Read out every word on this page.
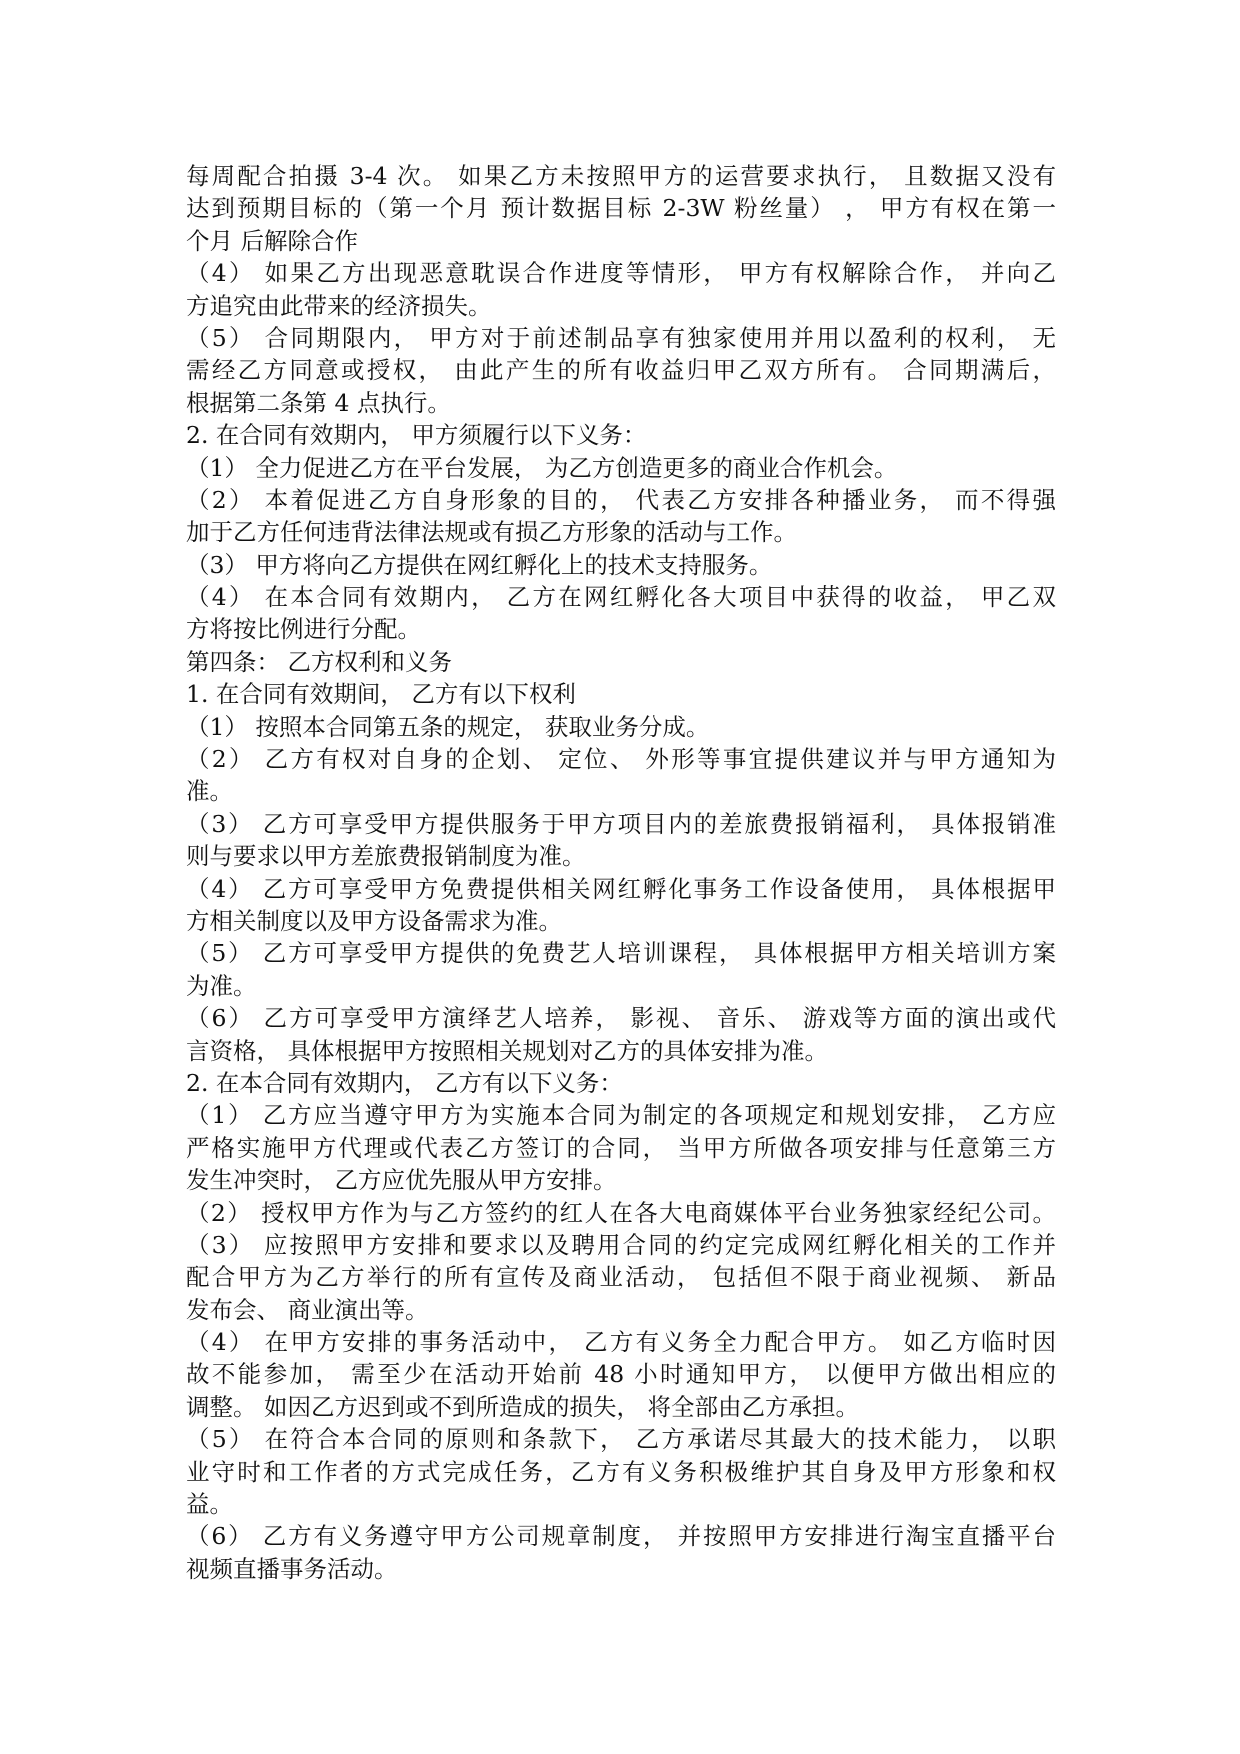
每周配合拍摄 3-4 次。 如果乙方未按照甲方的运营要求执行， 且数据又没有
达到预期目标的（第一个月 预计数据目标 2-3W 粉丝量） ， 甲方有权在第一
个月 后解除合作
（4） 如果乙方出现恶意耽误合作进度等情形， 甲方有权解除合作， 并向乙
方追究由此带来的经济损失。
（5） 合同期限内， 甲方对于前述制品享有独家使用并用以盈利的权利， 无
需经乙方同意或授权， 由此产生的所有收益归甲乙双方所有。 合同期满后，
根据第二条第 4 点执行。
2. 在合同有效期内， 甲方须履行以下义务：
（1） 全力促进乙方在平台发展， 为乙方创造更多的商业合作机会。
（2） 本着促进乙方自身形象的目的， 代表乙方安排各种播业务， 而不得强
加于乙方任何违背法律法规或有损乙方形象的活动与工作。
（3） 甲方将向乙方提供在网红孵化上的技术支持服务。
（4） 在本合同有效期内， 乙方在网红孵化各大项目中获得的收益， 甲乙双
方将按比例进行分配。
第四条： 乙方权利和义务
1. 在合同有效期间， 乙方有以下权利
（1） 按照本合同第五条的规定， 获取业务分成。
（2） 乙方有权对自身的企划、 定位、 外形等事宜提供建议并与甲方通知为
准。
（3） 乙方可享受甲方提供服务于甲方项目内的差旅费报销福利， 具体报销准
则与要求以甲方差旅费报销制度为准。
（4） 乙方可享受甲方免费提供相关网红孵化事务工作设备使用， 具体根据甲
方相关制度以及甲方设备需求为准。
（5） 乙方可享受甲方提供的免费艺人培训课程， 具体根据甲方相关培训方案
为准。
（6） 乙方可享受甲方演绎艺人培养， 影视、 音乐、 游戏等方面的演出或代
言资格， 具体根据甲方按照相关规划对乙方的具体安排为准。
2. 在本合同有效期内， 乙方有以下义务：
（1） 乙方应当遵守甲方为实施本合同为制定的各项规定和规划安排， 乙方应
严格实施甲方代理或代表乙方签订的合同， 当甲方所做各项安排与任意第三方
发生冲突时， 乙方应优先服从甲方安排。
（2） 授权甲方作为与乙方签约的红人在各大电商媒体平台业务独家经纪公司。
（3） 应按照甲方安排和要求以及聘用合同的约定完成网红孵化相关的工作并
配合甲方为乙方举行的所有宣传及商业活动， 包括但不限于商业视频、 新品
发布会、 商业演出等。
（4） 在甲方安排的事务活动中， 乙方有义务全力配合甲方。 如乙方临时因
故不能参加， 需至少在活动开始前 48 小时通知甲方， 以便甲方做出相应的
调整。 如因乙方迟到或不到所造成的损失， 将全部由乙方承担。
（5） 在符合本合同的原则和条款下， 乙方承诺尽其最大的技术能力， 以职
业守时和工作者的方式完成任务，乙方有义务积极维护其自身及甲方形象和权
益。
（6） 乙方有义务遵守甲方公司规章制度， 并按照甲方安排进行淘宝直播平台
视频直播事务活动。
